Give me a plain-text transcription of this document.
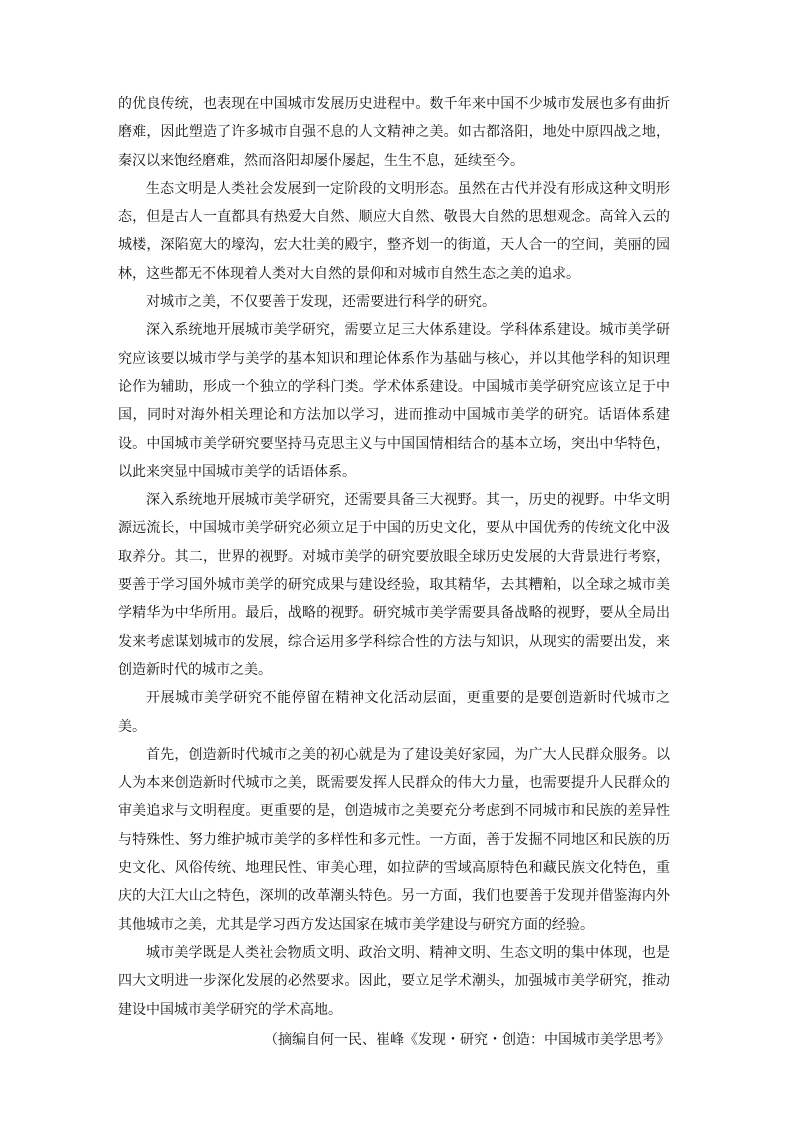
的优良传统，也表现在中国城市发展历史进程中。数千年来中国不少城市发展也多有曲折磨难，因此塑造了许多城市自强不息的人文精神之美。如古都洛阳，地处中原四战之地，秦汉以来饱经磨难，然而洛阳却屡仆屡起，生生不息，延续至今。

生态文明是人类社会发展到一定阶段的文明形态。虽然在古代并没有形成这种文明形态，但是古人一直都具有热爱大自然、顺应大自然、敬畏大自然的思想观念。高耸入云的城楼，深陷宽大的壕沟，宏大壮美的殿宇，整齐划一的街道，天人合一的空间，美丽的园林，这些都无不体现着人类对大自然的景仰和对城市自然生态之美的追求。

对城市之美，不仅要善于发现，还需要进行科学的研究。

深入系统地开展城市美学研究，需要立足三大体系建设。学科体系建设。城市美学研究应该要以城市学与美学的基本知识和理论体系作为基础与核心，并以其他学科的知识理论作为辅助，形成一个独立的学科门类。学术体系建设。中国城市美学研究应该立足于中国，同时对海外相关理论和方法加以学习，进而推动中国城市美学的研究。话语体系建设。中国城市美学研究要坚持马克思主义与中国国情相结合的基本立场，突出中华特色，以此来突显中国城市美学的话语体系。

深入系统地开展城市美学研究，还需要具备三大视野。其一，历史的视野。中华文明源远流长，中国城市美学研究必须立足于中国的历史文化，要从中国优秀的传统文化中汲取养分。其二，世界的视野。对城市美学的研究要放眼全球历史发展的大背景进行考察，要善于学习国外城市美学的研究成果与建设经验，取其精华，去其糟粕，以全球之城市美学精华为中华所用。最后，战略的视野。研究城市美学需要具备战略的视野，要从全局出发来考虑谋划城市的发展，综合运用多学科综合性的方法与知识，从现实的需要出发，来创造新时代的城市之美。

开展城市美学研究不能停留在精神文化活动层面，更重要的是要创造新时代城市之美。

首先，创造新时代城市之美的初心就是为了建设美好家园，为广大人民群众服务。以人为本来创造新时代城市之美，既需要发挥人民群众的伟大力量，也需要提升人民群众的审美追求与文明程度。更重要的是，创造城市之美要充分考虑到不同城市和民族的差异性与特殊性、努力维护城市美学的多样性和多元性。一方面，善于发掘不同地区和民族的历史文化、风俗传统、地理民性、审美心理，如拉萨的雪域高原特色和藏民族文化特色，重庆的大江大山之特色，深圳的改革潮头特色。另一方面，我们也要善于发现并借鉴海内外其他城市之美，尤其是学习西方发达国家在城市美学建设与研究方面的经验。

城市美学既是人类社会物质文明、政治文明、精神文明、生态文明的集中体现，也是四大文明进一步深化发展的必然要求。因此，要立足学术潮头，加强城市美学研究，推动建设中国城市美学研究的学术高地。

（摘编自何一民、崔峰《发现・研究・创造：中国城市美学思考》
